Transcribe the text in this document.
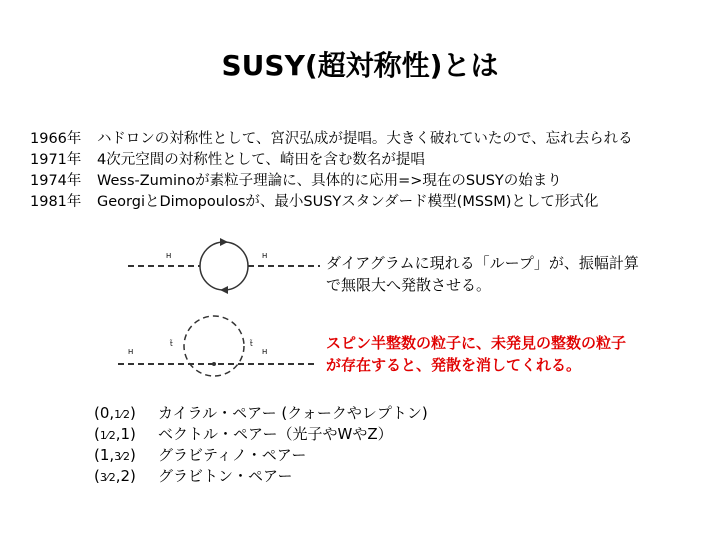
SUSY(超対称性)とは
1966年	ハドロンの対称性として、宮沢弘成が提唱。大きく破れていたので、忘れ去られる
1971年	4次元空間の対称性として、崎田を含む数名が提唱
1974年	Wess-Zuminoが素粒子理論に、具体的に応用=>現在のSUSYの始まり
1981年	GeorgiとDimopoulosが、最小SUSYスタンダード模型(MSSM)として形式化
H	H
H	H
t̃	t̃
ダイアグラムに現れる「ループ」が、振幅計算
で無限大へ発散させる。
スピン半整数の粒子に、未発見の整数の粒子
が存在すると、発散を消してくれる。
(0,1⁄2)	カイラル・ペアー (クォークやレプトン)
(1⁄2,1)	ベクトル・ペアー（光子やWやZ）
(1,3⁄2)	グラビティノ・ペアー
(3⁄2,2)	グラビトン・ペアー
